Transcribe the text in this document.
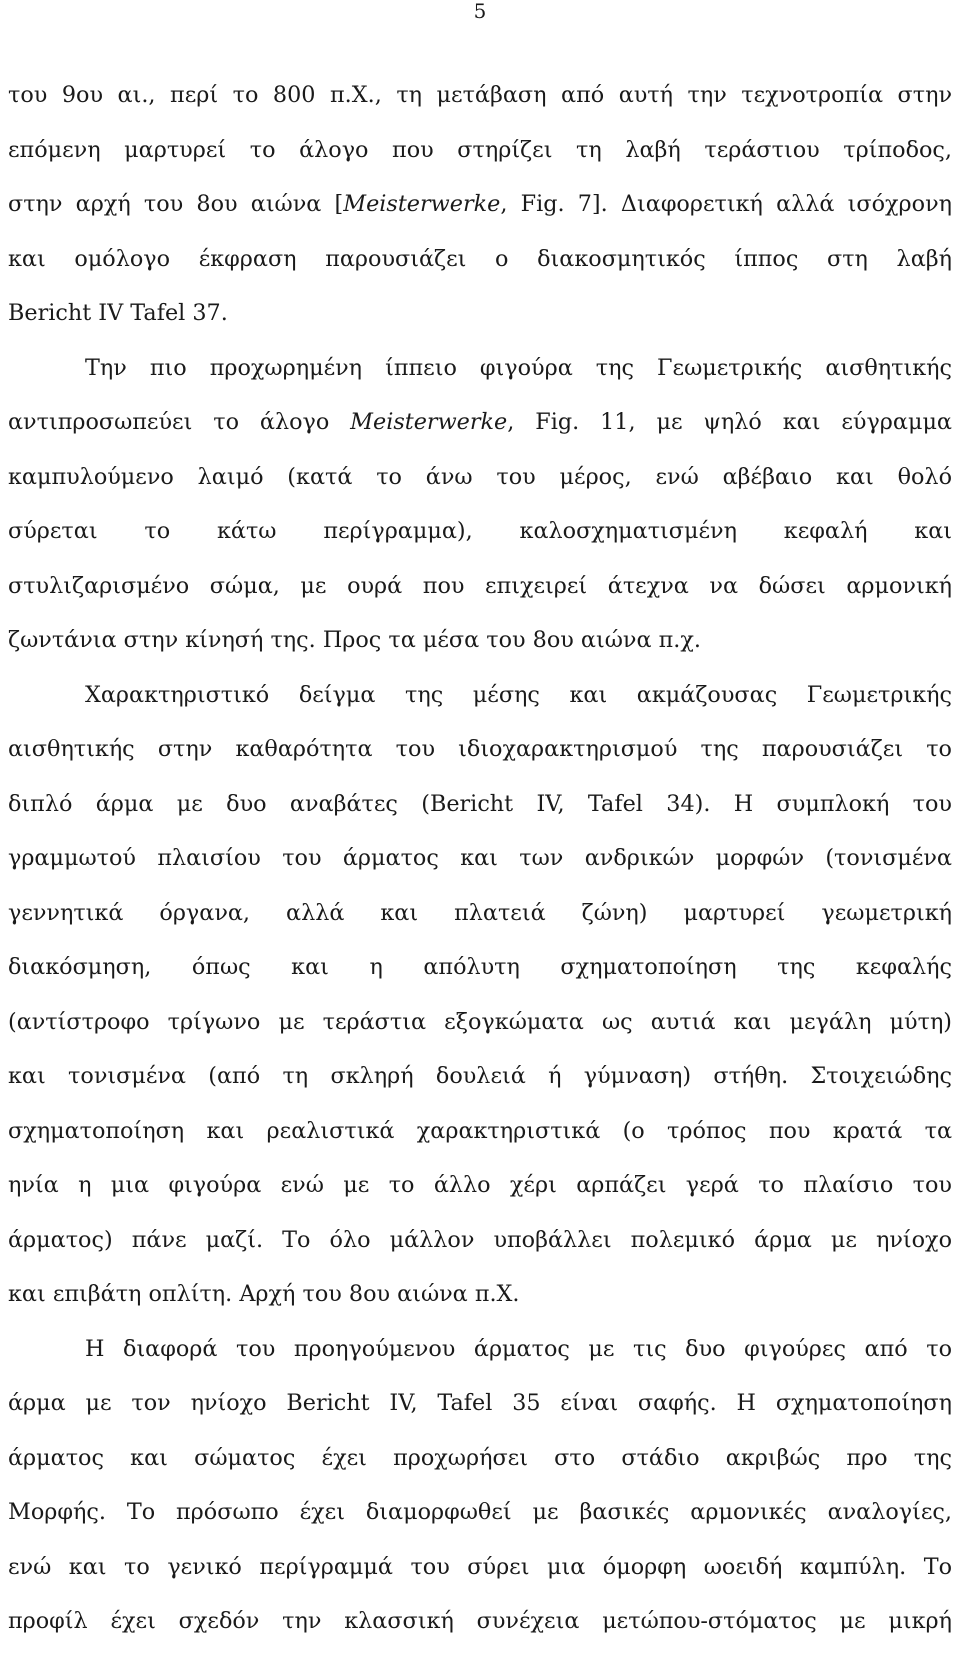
5
του 9ου αι., περί το 800 π.Χ., τη μετάβαση από αυτή την τεχνοτροπία στην
επόμενη μαρτυρεί το άλογο που στηρίζει τη λαβή τεράστιου τρίποδος,
στην αρχή του 8ου αιώνα [Meisterwerke, Fig. 7]. Διαφορετική αλλά ισόχρονη
και ομόλογο έκφραση παρουσιάζει ο διακοσμητικός ίππος στη λαβή
Bericht IV Tafel 37.
Την πιο προχωρημένη ίππειο φιγούρα της Γεωμετρικής αισθητικής
αντιπροσωπεύει το άλογο Meisterwerke, Fig. 11, με ψηλό και εύγραμμα
καμπυλούμενο λαιμό (κατά το άνω του μέρος, ενώ αβέβαιο και θολό
σύρεται το κάτω περίγραμμα), καλοσχηματισμένη κεφαλή και
στυλιζαρισμένο σώμα, με ουρά που επιχειρεί άτεχνα να δώσει αρμονική
ζωντάνια στην κίνησή της. Προς τα μέσα του 8ου αιώνα π.χ.
Χαρακτηριστικό δείγμα της μέσης και ακμάζουσας Γεωμετρικής
αισθητικής στην καθαρότητα του ιδιοχαρακτηρισμού της παρουσιάζει το
διπλό άρμα με δυο αναβάτες (Bericht IV, Tafel 34). Η συμπλοκή του
γραμμωτού πλαισίου του άρματος και των ανδρικών μορφών (τονισμένα
γεννητικά όργανα, αλλά και πλατειά ζώνη) μαρτυρεί γεωμετρική
διακόσμηση, όπως και η απόλυτη σχηματοποίηση της κεφαλής
(αντίστροφο τρίγωνο με τεράστια εξογκώματα ως αυτιά και μεγάλη μύτη)
και τονισμένα (από τη σκληρή δουλειά ή γύμναση) στήθη. Στοιχειώδης
σχηματοποίηση και ρεαλιστικά χαρακτηριστικά (ο τρόπος που κρατά τα
ηνία η μια φιγούρα ενώ με το άλλο χέρι αρπάζει γερά το πλαίσιο του
άρματος) πάνε μαζί. Το όλο μάλλον υποβάλλει πολεμικό άρμα με ηνίοχο
και επιβάτη οπλίτη. Αρχή του 8ου αιώνα π.Χ.
Η διαφορά του προηγούμενου άρματος με τις δυο φιγούρες από το
άρμα με τον ηνίοχο Bericht IV, Tafel 35 είναι σαφής. Η σχηματοποίηση
άρματος και σώματος έχει προχωρήσει στο στάδιο ακριβώς προ της
Μορφής. Το πρόσωπο έχει διαμορφωθεί με βασικές αρμονικές αναλογίες,
ενώ και το γενικό περίγραμμά του σύρει μια όμορφη ωοειδή καμπύλη. Το
προφίλ έχει σχεδόν την κλασσική συνέχεια μετώπου-στόματος με μικρή
